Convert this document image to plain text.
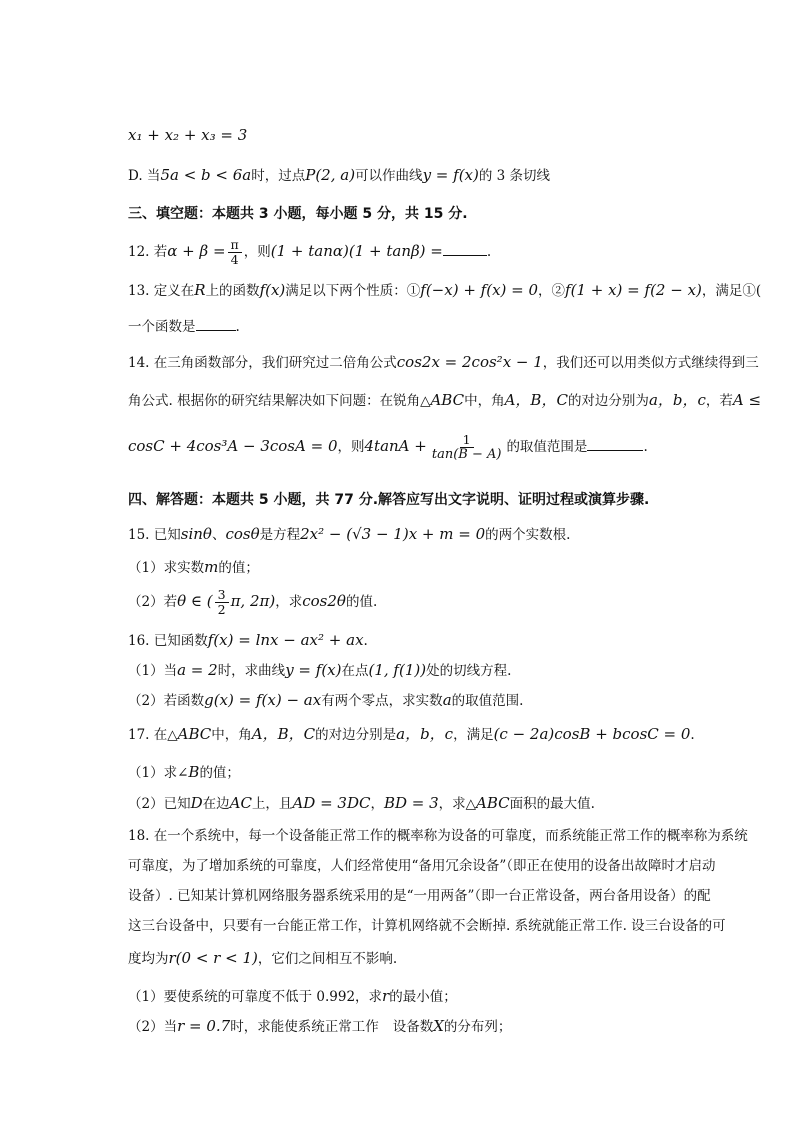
x₁ + x₂ + x₃ = 3
D. 当5a < b < 6a时，过点P(2, a)可以作曲线y = f(x)的 3 条切线
三、填空题：本题共 3 小题，每小题 5 分，共 15 分.
12. 若$\alpha + \beta = \frac{\pi}{4}$ ，则(1 + tanα)(1 + tanβ) =	.
13. 定义在R上的函数f(x)满足以下两个性质：①f(−x) + f(x) = 0，②f(1 + x) = f(2 − x)，满足①(
一个函数是	.
14. 在三角函数部分，我们研究过二倍角公式cos2x = 2cos²x − 1，我们还可以用类似方式继续得到三
角公式. 根据你的研究结果解决如下问题：在锐角△ABC中，角A，B，C的对边分别为a，b，c，若A ≤
cosC + 4cos³A − 3cosA = 0，则$4\tan A + \frac{1}{\tan(B - A)}$ 的取值范围是	.
四、解答题：本题共 5 小题，共 77 分.解答应写出文字说明、证明过程或演算步骤.
15. 已知sinθ、cosθ是方程2x² − (√3 − 1)x + m = 0的两个实数根.
（1）求实数m的值；
（2）若θ ∈ ( $\frac{3}{2} \pi$, 2π)，求cos2θ的值.
16. 已知函数f(x) = lnx − ax² + ax.
（1）当a = 2时，求曲线y = f(x)在点(1, f(1))处的切线方程.
（2）若函数g(x) = f(x) − ax有两个零点，求实数a的取值范围.
17. 在△ABC中，角A，B，C的对边分别是a，b，c，满足(c − 2a)cosB + bcosC = 0.
（1）求∠B的值；
（2）已知D在边AC上，且AD = 3DC，BD = 3，求△ABC面积的最大值.
18. 在一个系统中，每一个设备能正常工作的概率称为设备的可靠度，而系统能正常工作的概率称为系统
可靠度，为了增加系统的可靠度，人们经常使用“备用冗余设备”（即正在使用的设备出故障时才启动
设备）. 已知某计算机网络服务器系统采用的是“一用两备”（即一台正常设备，两台备用设备）的配
这三台设备中，只要有一台能正常工作，计算机网络就不会断掉. 系统就能正常工作. 设三台设备的可
度均为r(0 < r < 1)，它们之间相互不影响.
（1）要使系统的可靠度不低于 0.992，求r的最小值；
（2）当r = 0.7时，求能使系统正常工作 设备数X的分布列；
